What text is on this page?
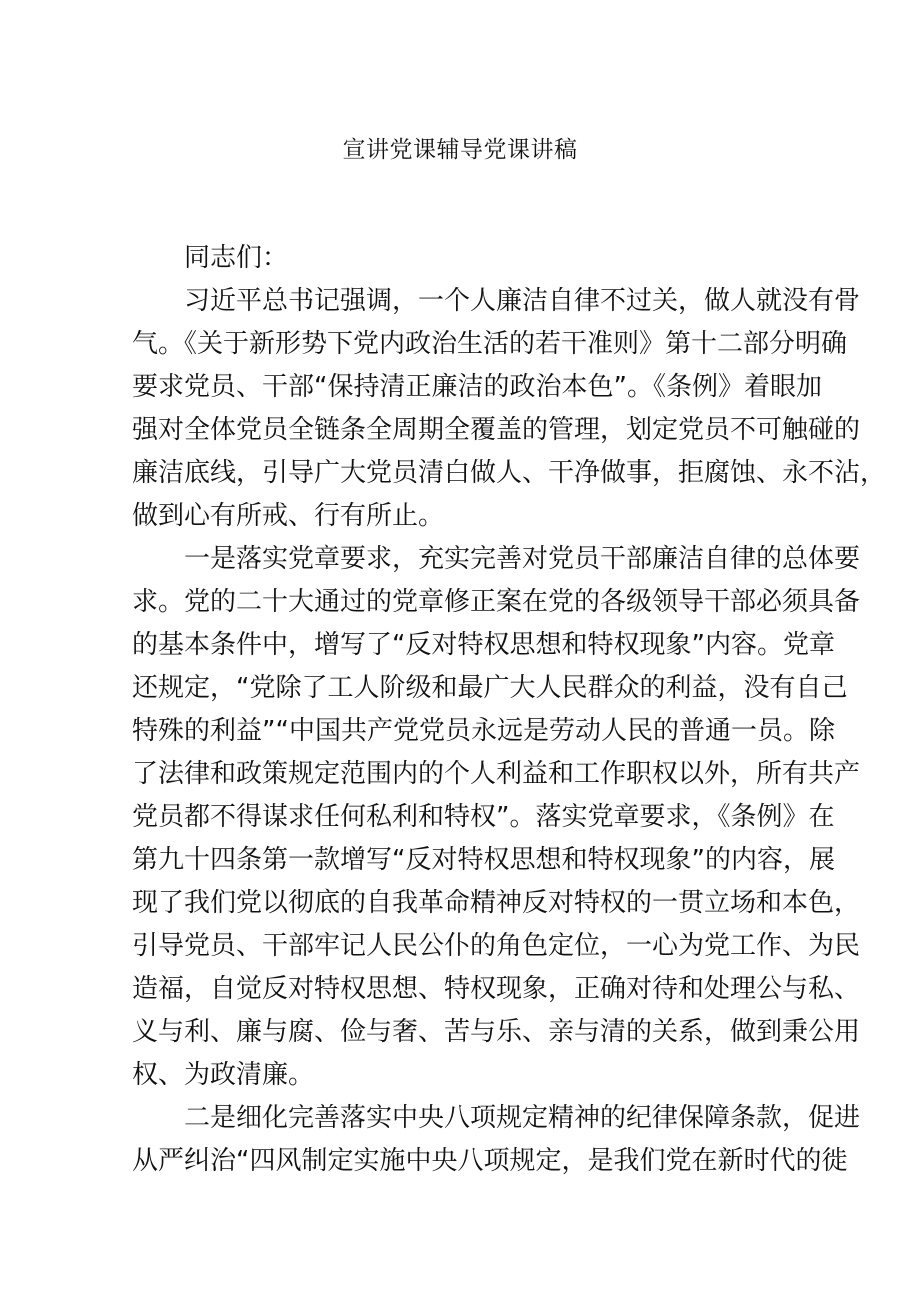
宣讲党课辅导党课讲稿
同志们：
习近平总书记强调，一个人廉洁自律不过关，做人就没有骨
气。《关于新形势下党内政治生活的若干准则》第十二部分明确
要求党员、干部“保持清正廉洁的政治本色”。《条例》着眼加
强对全体党员全链条全周期全覆盖的管理，划定党员不可触碰的
廉洁底线，引导广大党员清白做人、干净做事，拒腐蚀、永不沾，
做到心有所戒、行有所止。
一是落实党章要求，充实完善对党员干部廉洁自律的总体要
求。党的二十大通过的党章修正案在党的各级领导干部必须具备
的基本条件中，增写了“反对特权思想和特权现象”内容。党章
还规定，“党除了工人阶级和最广大人民群众的利益，没有自己
特殊的利益”“中国共产党党员永远是劳动人民的普通一员。除
了法律和政策规定范围内的个人利益和工作职权以外，所有共产
党员都不得谋求任何私利和特权”。落实党章要求，《条例》在
第九十四条第一款增写“反对特权思想和特权现象”的内容，展
现了我们党以彻底的自我革命精神反对特权的一贯立场和本色，
引导党员、干部牢记人民公仆的角色定位，一心为党工作、为民
造福，自觉反对特权思想、特权现象，正确对待和处理公与私、
义与利、廉与腐、俭与奢、苦与乐、亲与清的关系，做到秉公用
权、为政清廉。
二是细化完善落实中央八项规定精神的纪律保障条款，促进
从严纠治“四风制定实施中央八项规定，是我们党在新时代的徙
